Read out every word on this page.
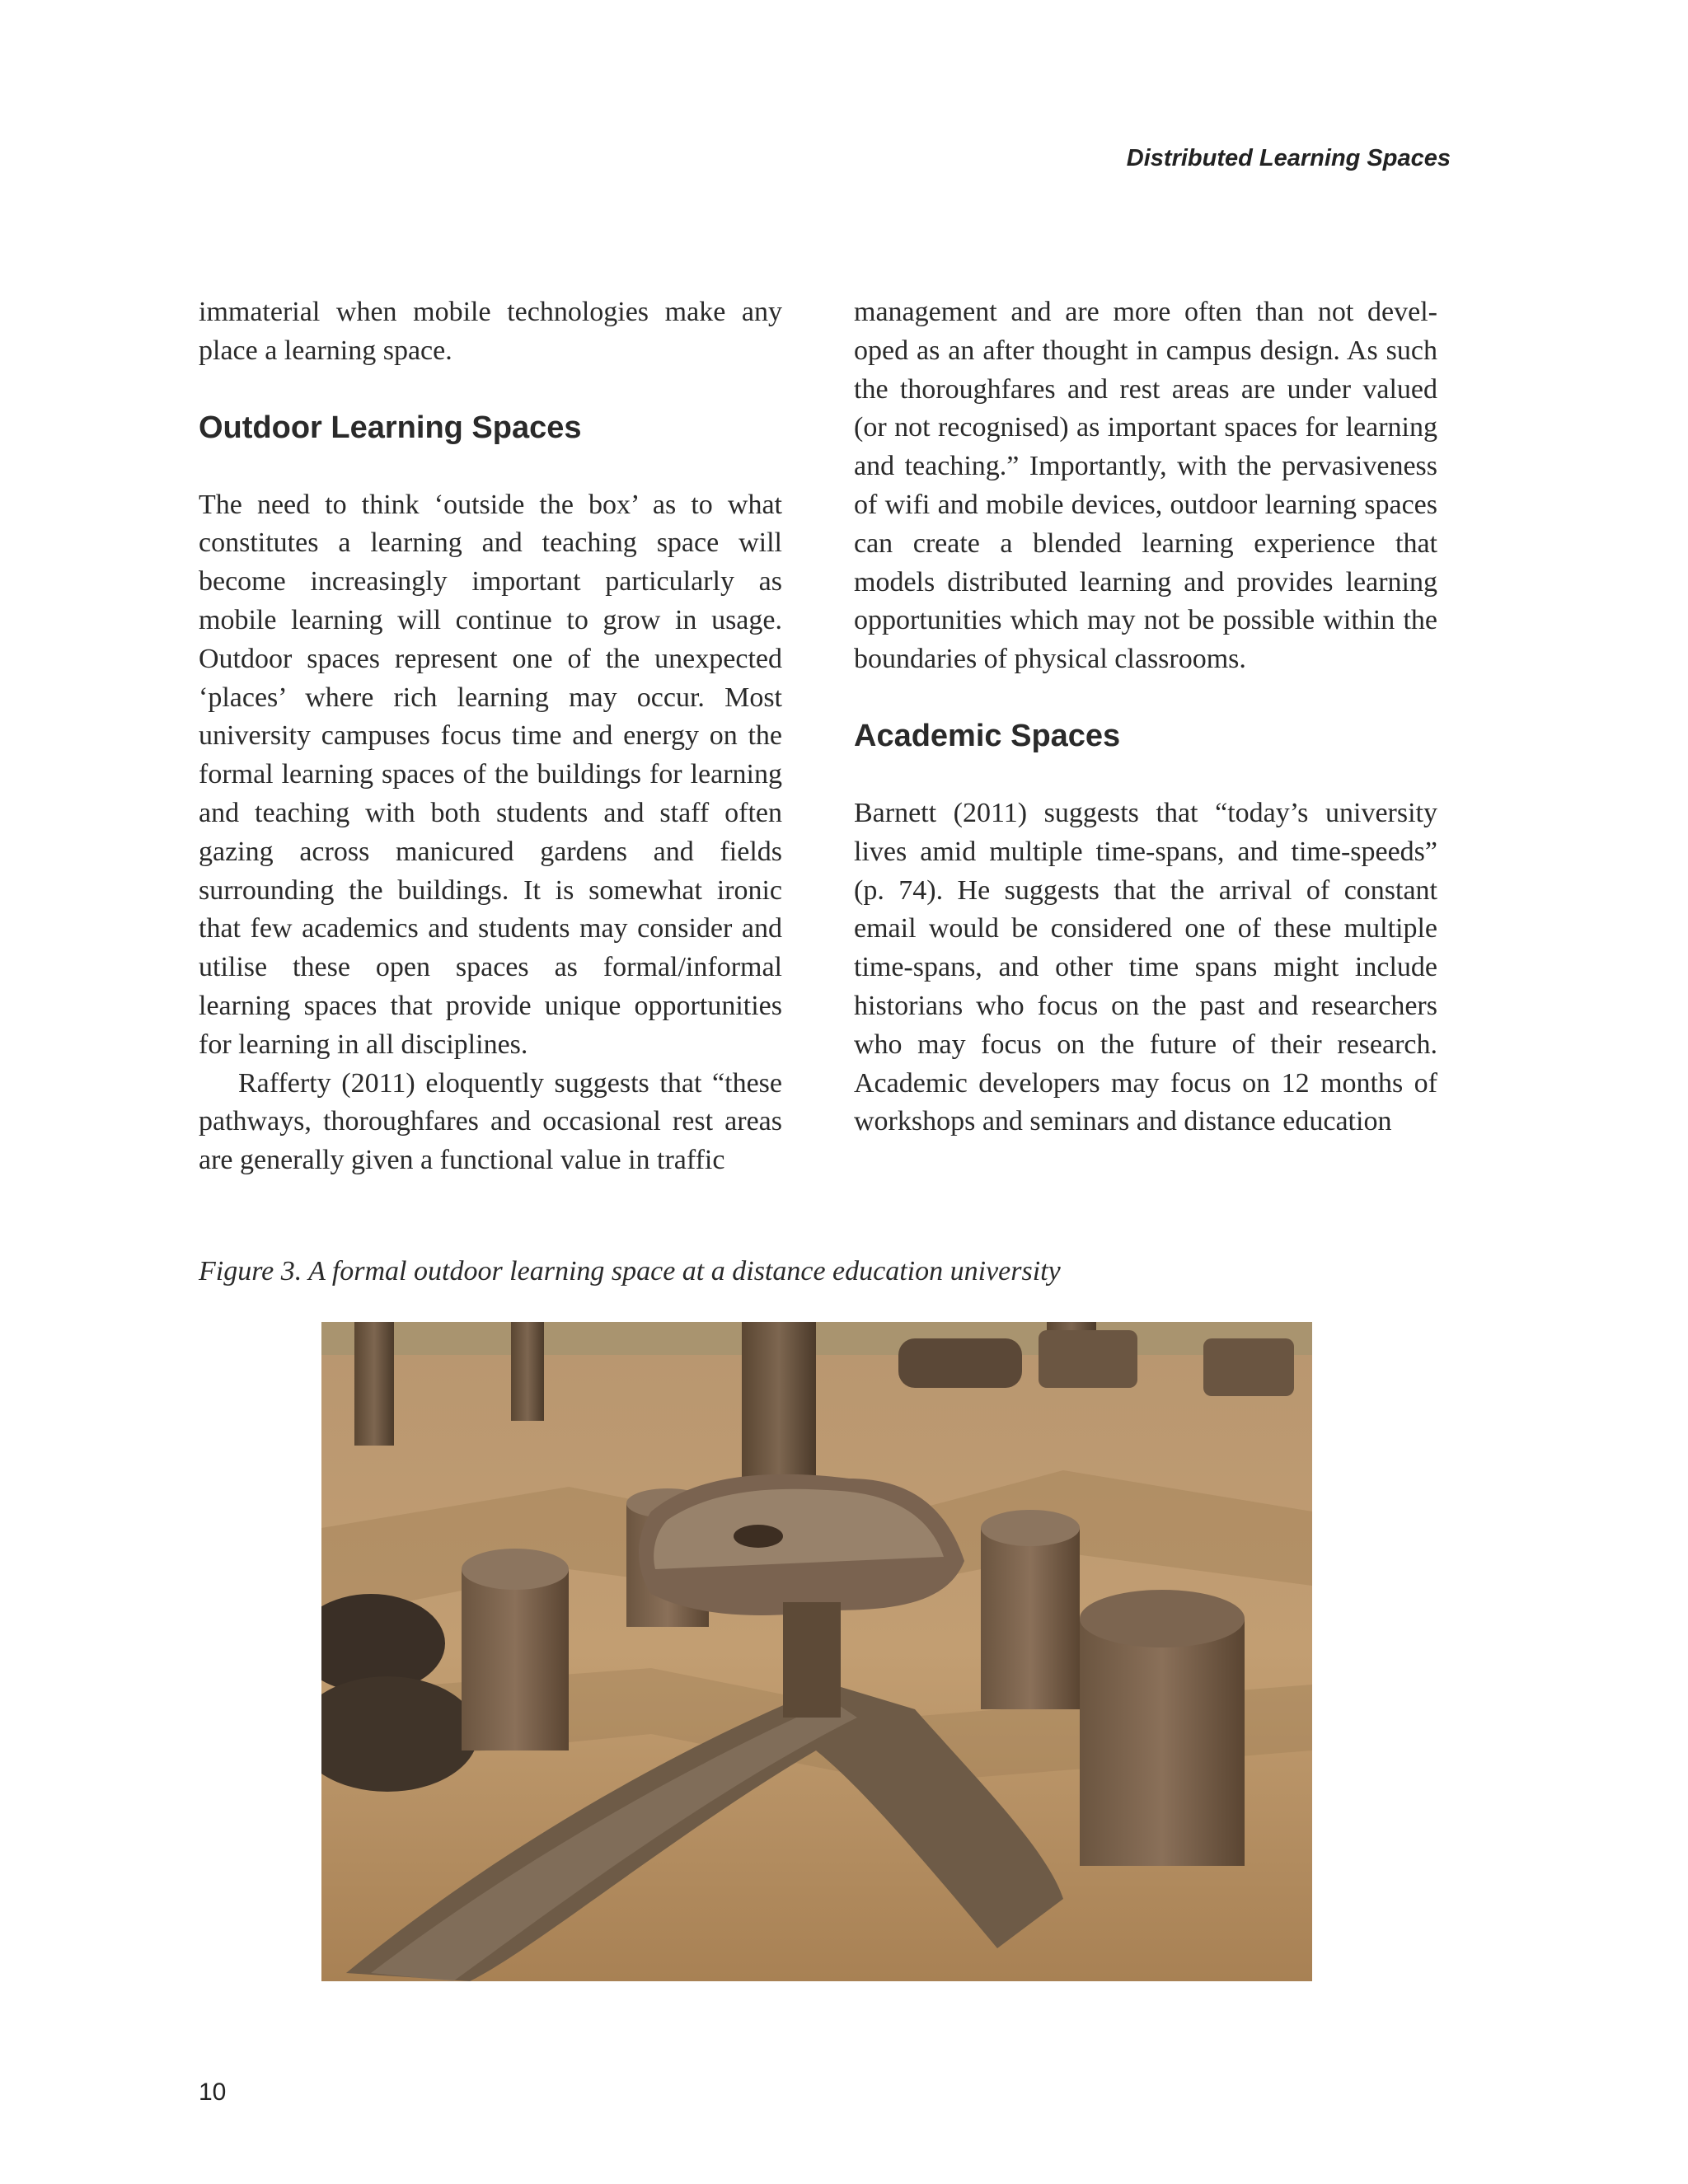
Distributed Learning Spaces

immaterial when mobile technologies make any place a learning space.

Outdoor Learning Spaces

The need to think ‘outside the box’ as to what constitutes a learning and teaching space will become increasingly important particularly as mobile learning will continue to grow in usage. Outdoor spaces represent one of the unexpected ‘places’ where rich learning may occur. Most university campuses focus time and energy on the formal learning spaces of the buildings for learning and teaching with both students and staff often gazing across manicured gardens and fields surrounding the buildings. It is somewhat ironic that few academics and students may consider and utilise these open spaces as formal/informal learning spaces that provide unique opportunities for learning in all disciplines.

Rafferty (2011) eloquently suggests that “these pathways, thoroughfares and occasional rest areas are generally given a functional value in traffic

management and are more often than not devel- oped as an after thought in campus design. As such the thoroughfares and rest areas are under valued (or not recognised) as important spaces for learning and teaching.” Importantly, with the pervasiveness of wifi and mobile devices, outdoor learning spaces can create a blended learning experience that models distributed learning and provides learning opportunities which may not be possible within the boundaries of physical classrooms.

Academic Spaces

Barnett (2011) suggests that “today’s university lives amid multiple time-spans, and time-speeds” (p. 74). He suggests that the arrival of constant email would be considered one of these multiple time-spans, and other time spans might include historians who focus on the past and researchers who may focus on the future of their research. Academic developers may focus on 12 months of workshops and seminars and distance education

Figure 3. A formal outdoor learning space at a distance education university
10
